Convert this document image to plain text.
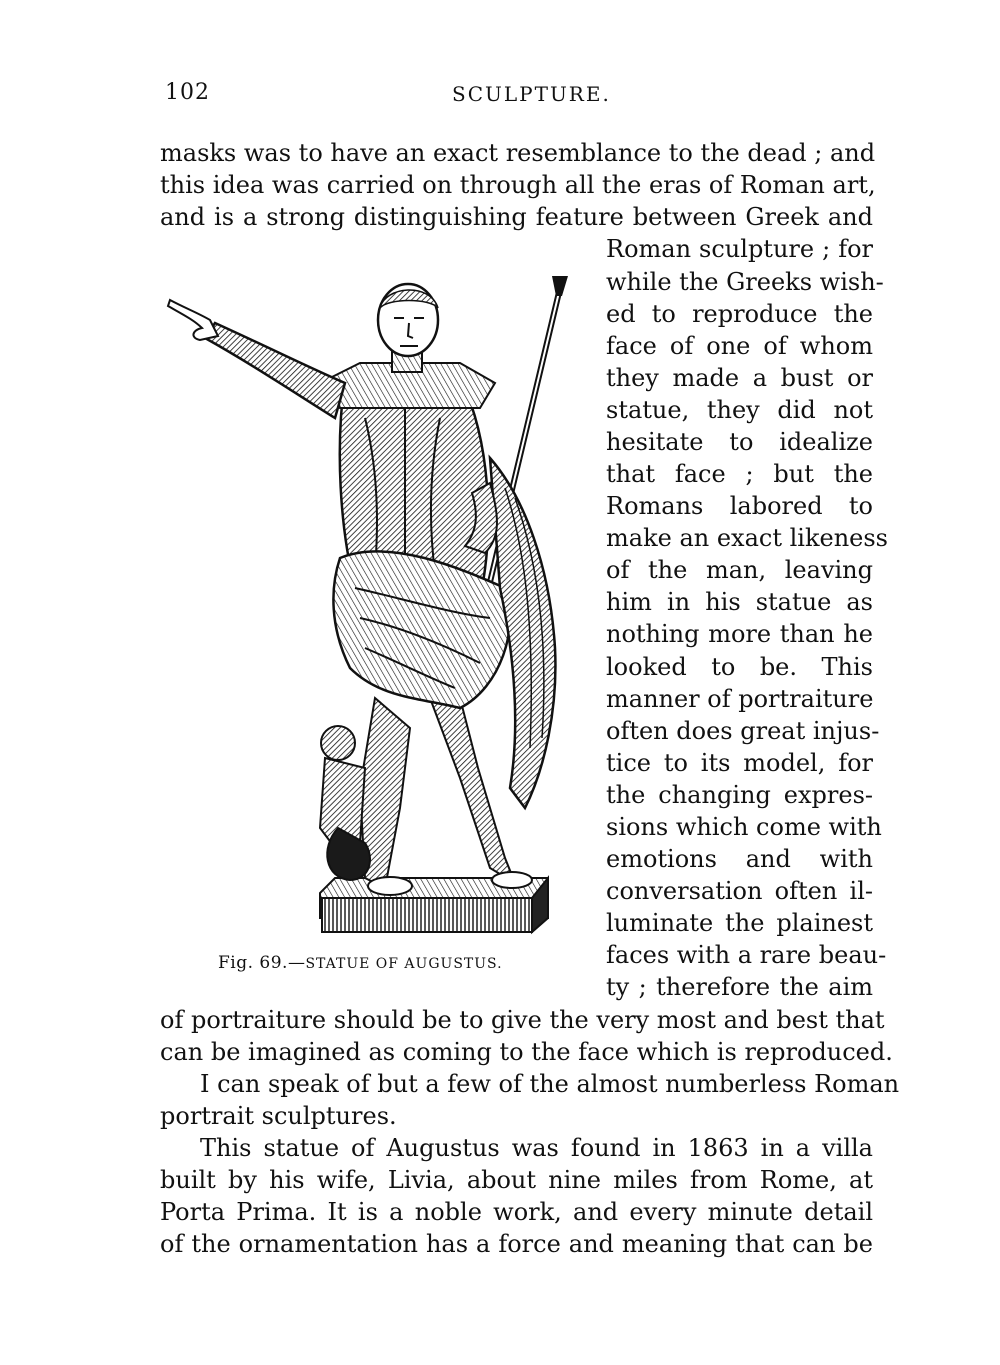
102	SCULPTURE.
masks was to have an exact resemblance to the dead ; and
this idea was carried on through all the eras of Roman art,
and is a strong distinguishing feature between Greek and
Roman sculpture ; for
while the Greeks wish-
ed to reproduce the
face of one of whom
they made a bust or
statue, they did not
hesitate to idealize
that face ; but the
Romans labored to
make an exact likeness
of the man, leaving
him in his statue as
nothing more than he
looked to be. This
manner of portraiture
often does great injus-
tice to its model, for
the changing expres-
sions which come with
emotions and with
conversation often il-
luminate the plainest
faces with a rare beau-
ty ; therefore the aim
of portraiture should be to give the very most and best that
can be imagined as coming to the face which is reproduced.
I can speak of but a few of the almost numberless Roman
portrait sculptures.
This statue of Augustus was found in 1863 in a villa
built by his wife, Livia, about nine miles from Rome, at
Porta Prima. It is a noble work, and every minute detail
of the ornamentation has a force and meaning that can be
Fig. 69.—STATUE OF AUGUSTUS.
